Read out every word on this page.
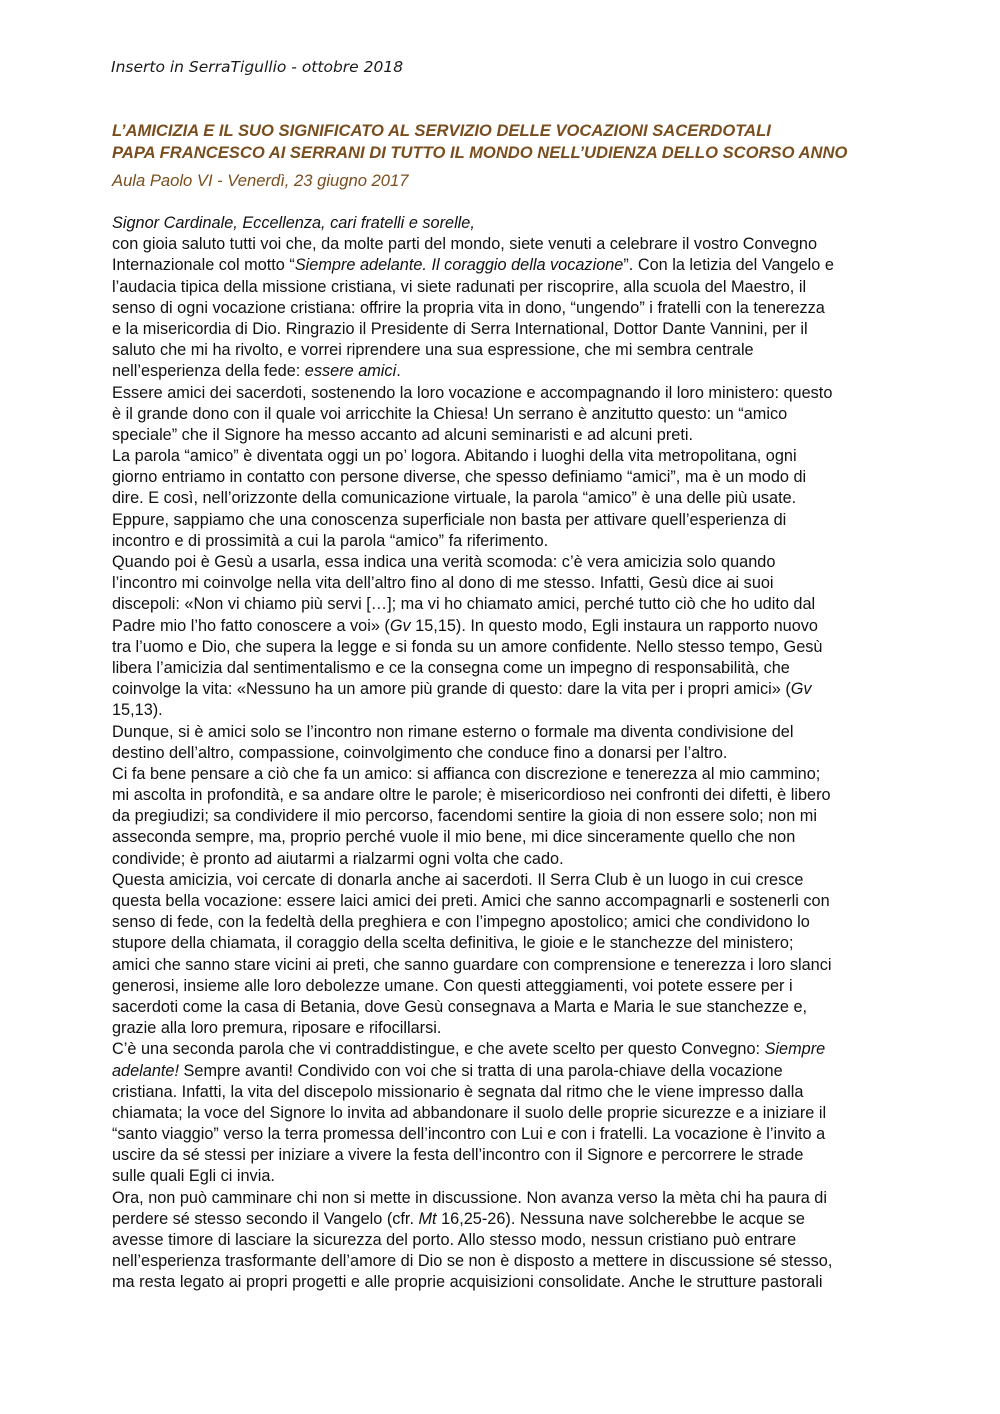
Inserto in SerraTigullio - ottobre 2018
L’AMICIZIA E IL SUO SIGNIFICATO AL SERVIZIO DELLE VOCAZIONI SACERDOTALI
PAPA FRANCESCO AI SERRANI DI TUTTO IL MONDO NELL’UDIENZA DELLO SCORSO ANNO
Aula Paolo VI - Venerdì, 23 giugno 2017
Signor Cardinale, Eccellenza, cari fratelli e sorelle,
con gioia saluto tutti voi che, da molte parti del mondo, siete venuti a celebrare il vostro Convegno
Internazionale col motto “Siempre adelante. Il coraggio della vocazione”. Con la letizia del Vangelo e
l’audacia tipica della missione cristiana, vi siete radunati per riscoprire, alla scuola del Maestro, il
senso di ogni vocazione cristiana: offrire la propria vita in dono, “ungendo” i fratelli con la tenerezza
e la misericordia di Dio. Ringrazio il Presidente di Serra International, Dottor Dante Vannini, per il
saluto che mi ha rivolto, e vorrei riprendere una sua espressione, che mi sembra centrale
nell’esperienza della fede: essere amici.
Essere amici dei sacerdoti, sostenendo la loro vocazione e accompagnando il loro ministero: questo
è il grande dono con il quale voi arricchite la Chiesa! Un serrano è anzitutto questo: un “amico
speciale” che il Signore ha messo accanto ad alcuni seminaristi e ad alcuni preti.
La parola “amico” è diventata oggi un po’ logora. Abitando i luoghi della vita metropolitana, ogni
giorno entriamo in contatto con persone diverse, che spesso definiamo “amici”, ma è un modo di
dire. E così, nell’orizzonte della comunicazione virtuale, la parola “amico” è una delle più usate.
Eppure, sappiamo che una conoscenza superficiale non basta per attivare quell’esperienza di
incontro e di prossimità a cui la parola “amico” fa riferimento.
Quando poi è Gesù a usarla, essa indica una verità scomoda: c’è vera amicizia solo quando
l’incontro mi coinvolge nella vita dell’altro fino al dono di me stesso. Infatti, Gesù dice ai suoi
discepoli: «Non vi chiamo più servi […]; ma vi ho chiamato amici, perché tutto ciò che ho udito dal
Padre mio l’ho fatto conoscere a voi» (Gv 15,15). In questo modo, Egli instaura un rapporto nuovo
tra l’uomo e Dio, che supera la legge e si fonda su un amore confidente. Nello stesso tempo, Gesù
libera l’amicizia dal sentimentalismo e ce la consegna come un impegno di responsabilità, che
coinvolge la vita: «Nessuno ha un amore più grande di questo: dare la vita per i propri amici» (Gv
15,13).
Dunque, si è amici solo se l’incontro non rimane esterno o formale ma diventa condivisione del
destino dell’altro, compassione, coinvolgimento che conduce fino a donarsi per l’altro.
Ci fa bene pensare a ciò che fa un amico: si affianca con discrezione e tenerezza al mio cammino;
mi ascolta in profondità, e sa andare oltre le parole; è misericordioso nei confronti dei difetti, è libero
da pregiudizi; sa condividere il mio percorso, facendomi sentire la gioia di non essere solo; non mi
asseconda sempre, ma, proprio perché vuole il mio bene, mi dice sinceramente quello che non
condivide; è pronto ad aiutarmi a rialzarmi ogni volta che cado.
Questa amicizia, voi cercate di donarla anche ai sacerdoti. Il Serra Club è un luogo in cui cresce
questa bella vocazione: essere laici amici dei preti. Amici che sanno accompagnarli e sostenerli con
senso di fede, con la fedeltà della preghiera e con l’impegno apostolico; amici che condividono lo
stupore della chiamata, il coraggio della scelta definitiva, le gioie e le stanchezze del ministero;
amici che sanno stare vicini ai preti, che sanno guardare con comprensione e tenerezza i loro slanci
generosi, insieme alle loro debolezze umane. Con questi atteggiamenti, voi potete essere per i
sacerdoti come la casa di Betania, dove Gesù consegnava a Marta e Maria le sue stanchezze e,
grazie alla loro premura, riposare e rifocillarsi.
C’è una seconda parola che vi contraddistingue, e che avete scelto per questo Convegno: Siempre
adelante! Sempre avanti! Condivido con voi che si tratta di una parola-chiave della vocazione
cristiana. Infatti, la vita del discepolo missionario è segnata dal ritmo che le viene impresso dalla
chiamata; la voce del Signore lo invita ad abbandonare il suolo delle proprie sicurezze e a iniziare il
“santo viaggio” verso la terra promessa dell’incontro con Lui e con i fratelli. La vocazione è l’invito a
uscire da sé stessi per iniziare a vivere la festa dell’incontro con il Signore e percorrere le strade
sulle quali Egli ci invia.
Ora, non può camminare chi non si mette in discussione. Non avanza verso la mèta chi ha paura di
perdere sé stesso secondo il Vangelo (cfr. Mt 16,25-26). Nessuna nave solcherebbe le acque se
avesse timore di lasciare la sicurezza del porto. Allo stesso modo, nessun cristiano può entrare
nell’esperienza trasformante dell’amore di Dio se non è disposto a mettere in discussione sé stesso,
ma resta legato ai propri progetti e alle proprie acquisizioni consolidate. Anche le strutture pastorali
